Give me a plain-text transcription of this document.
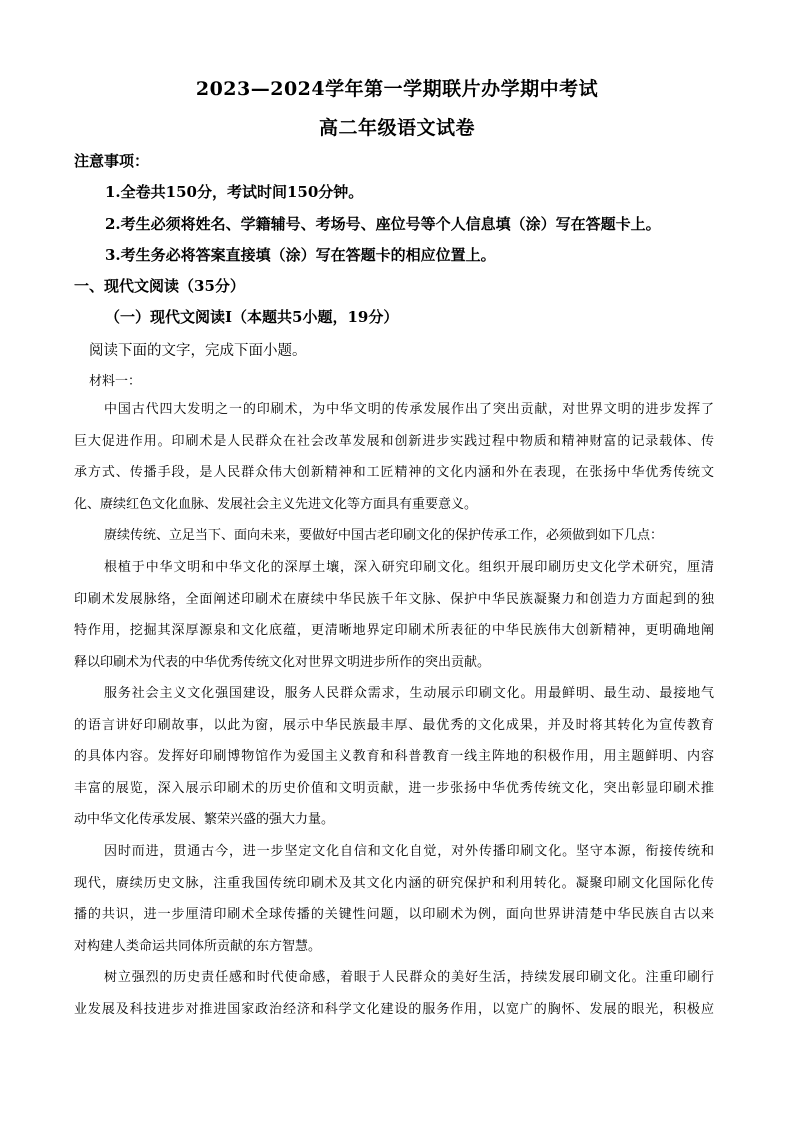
2023—2024学年第一学期联片办学期中考试
高二年级语文试卷
注意事项：
1.全卷共150分，考试时间150分钟。
2.考生必须将姓名、学籍辅号、考场号、座位号等个人信息填（涂）写在答题卡上。
3.考生务必将答案直接填（涂）写在答题卡的相应位置上。
一、现代文阅读（35分）
（一）现代文阅读Ⅰ（本题共5小题，19分）
阅读下面的文字，完成下面小题。
材料一：
中国古代四大发明之一的印刷术，为中华文明的传承发展作出了突出贡献，对世界文明的进步发挥了
巨大促进作用。印刷术是人民群众在社会改革发展和创新进步实践过程中物质和精神财富的记录载体、传
承方式、传播手段，是人民群众伟大创新精神和工匠精神的文化内涵和外在表现，在张扬中华优秀传统文
化、赓续红色文化血脉、发展社会主义先进文化等方面具有重要意义。
赓续传统、立足当下、面向未来，要做好中国古老印刷文化的保护传承工作，必须做到如下几点：
根植于中华文明和中华文化的深厚土壤，深入研究印刷文化。组织开展印刷历史文化学术研究，厘清
印刷术发展脉络，全面阐述印刷术在赓续中华民族千年文脉、保护中华民族凝聚力和创造力方面起到的独
特作用，挖掘其深厚源泉和文化底蕴，更清晰地界定印刷术所表征的中华民族伟大创新精神，更明确地阐
释以印刷术为代表的中华优秀传统文化对世界文明进步所作的突出贡献。
服务社会主义文化强国建设，服务人民群众需求，生动展示印刷文化。用最鲜明、最生动、最接地气
的语言讲好印刷故事，以此为窗，展示中华民族最丰厚、最优秀的文化成果，并及时将其转化为宣传教育
的具体内容。发挥好印刷博物馆作为爱国主义教育和科普教育一线主阵地的积极作用，用主题鲜明、内容
丰富的展览，深入展示印刷术的历史价值和文明贡献，进一步张扬中华优秀传统文化，突出彰显印刷术推
动中华文化传承发展、繁荣兴盛的强大力量。
因时而进，贯通古今，进一步坚定文化自信和文化自觉，对外传播印刷文化。坚守本源，衔接传统和
现代，赓续历史文脉，注重我国传统印刷术及其文化内涵的研究保护和利用转化。凝聚印刷文化国际化传
播的共识，进一步厘清印刷术全球传播的关键性问题，以印刷术为例，面向世界讲清楚中华民族自古以来
对构建人类命运共同体所贡献的东方智慧。
树立强烈的历史责任感和时代使命感，着眼于人民群众的美好生活，持续发展印刷文化。注重印刷行
业发展及科技进步对推进国家政治经济和科学文化建设的服务作用，以宽广的胸怀、发展的眼光，积极应
